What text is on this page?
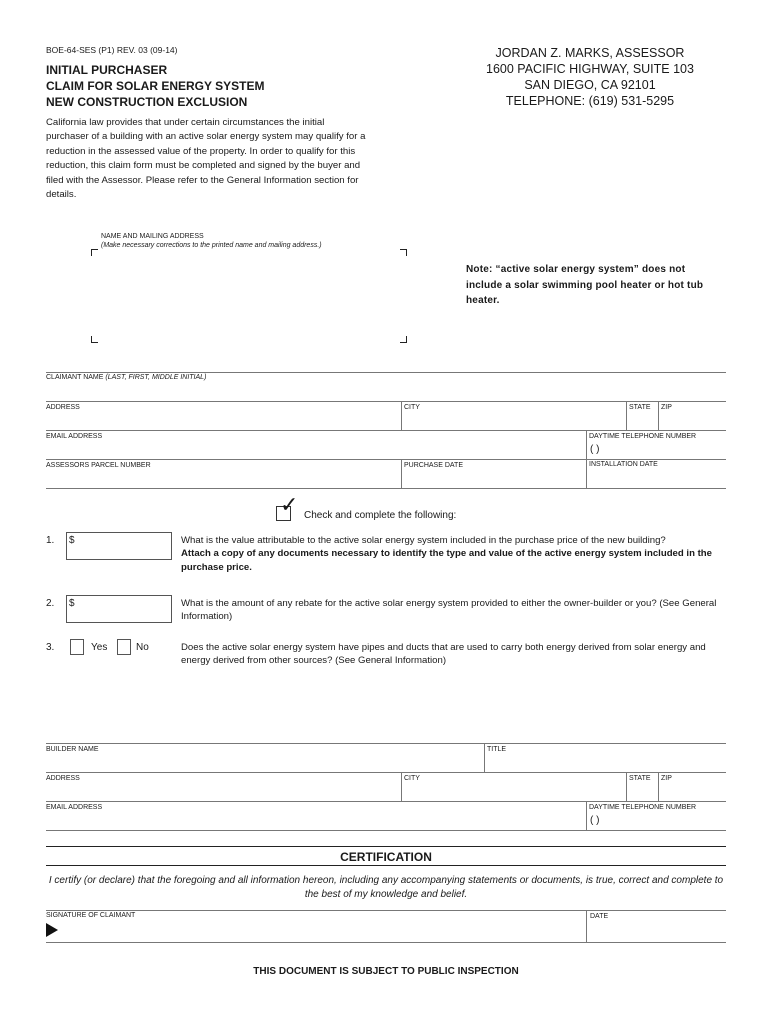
BOE-64-SES (P1) REV. 03 (09-14)
INITIAL PURCHASER
CLAIM FOR SOLAR ENERGY SYSTEM
NEW CONSTRUCTION EXCLUSION
JORDAN Z. MARKS, ASSESSOR
1600 PACIFIC HIGHWAY, SUITE 103
SAN DIEGO, CA 92101
TELEPHONE: (619) 531-5295
California law provides that under certain circumstances the initial purchaser of a building with an active solar energy system may qualify for a reduction in the assessed value of the property. In order to qualify for this reduction, this claim form must be completed and signed by the buyer and filed with the Assessor. Please refer to the General Information section for details.
NAME AND MAILING ADDRESS
(Make necessary corrections to the printed name and mailing address.)
Note: “active solar energy system” does not include a solar swimming pool heater or hot tub heater.
CLAIMANT NAME (LAST, FIRST, MIDDLE INITIAL)
ADDRESS	CITY	STATE ZIP
EMAIL ADDRESS	DAYTIME TELEPHONE NUMBER
( )
ASSESSORS PARCEL NUMBER	PURCHASE DATE	INSTALLATION DATE
✓ Check and complete the following:
1. $	What is the value attributable to the active solar energy system included in the purchase price of the new building?
Attach a copy of any documents necessary to identify the type and value of the active energy system included in the purchase price.
2. $	What is the amount of any rebate for the active solar energy system provided to either the owner-builder or you? (See General Information)
3.	Yes	No	Does the active solar energy system have pipes and ducts that are used to carry both energy derived from solar energy and energy derived from other sources? (See General Information)
BUILDER NAME	TITLE
ADDRESS	CITY	STATE ZIP
EMAIL ADDRESS	DAYTIME TELEPHONE NUMBER
( )
CERTIFICATION
I certify (or declare) that the foregoing and all information hereon, including any accompanying statements or documents, is true, correct and complete to the best of my knowledge and belief.
SIGNATURE OF CLAIMANT	DATE
THIS DOCUMENT IS SUBJECT TO PUBLIC INSPECTION
